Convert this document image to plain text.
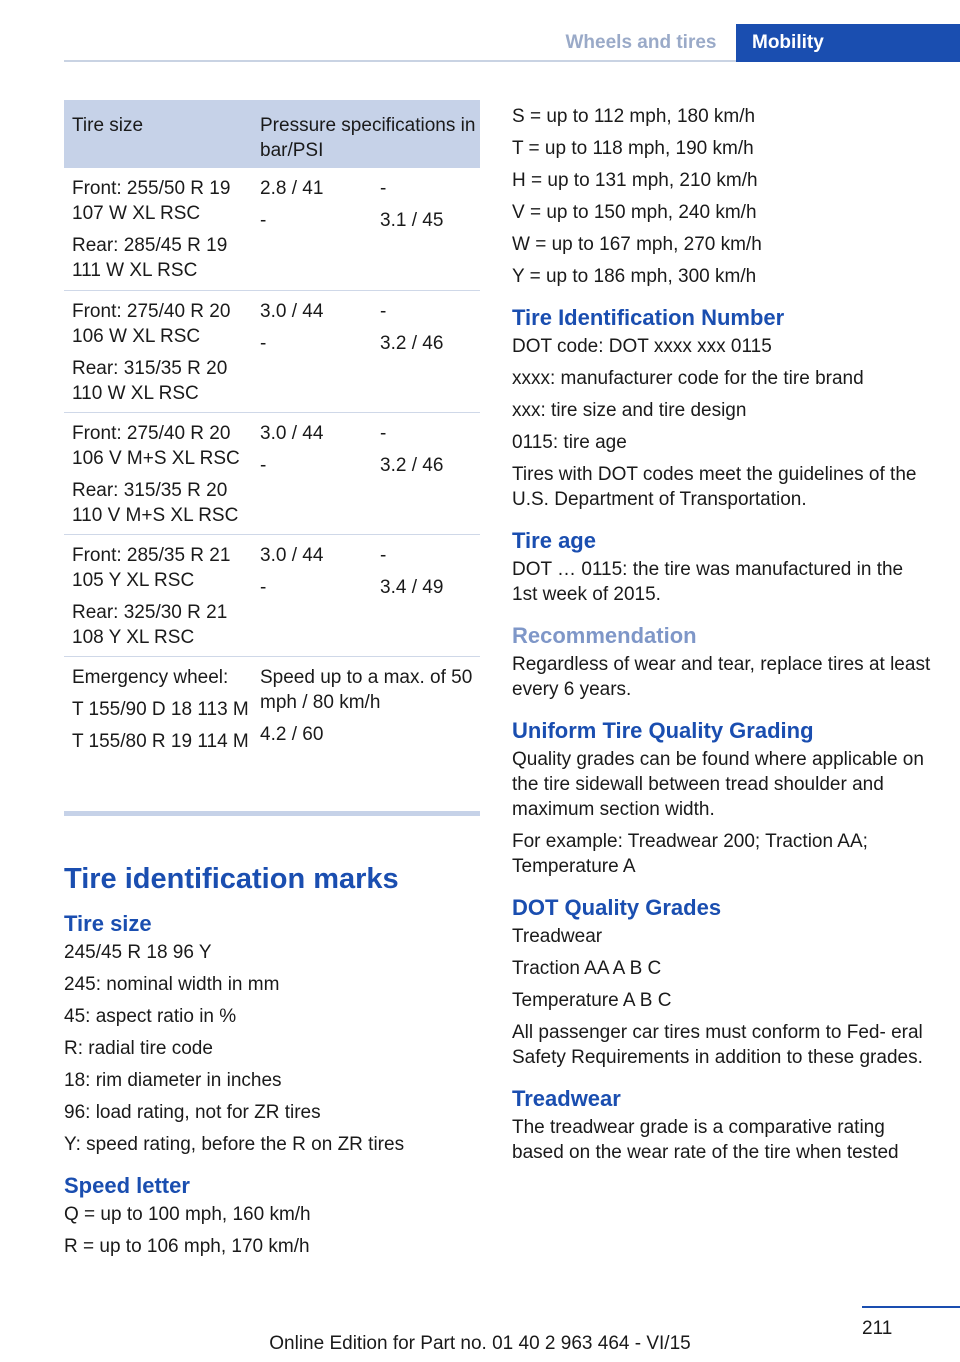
Wheels and tires	Mobility
Tire size	Pressure specifications in bar/PSI

Front: 255/50 R 19 107 W XL RSC

Rear: 285/45 R 19 111 W XL RSC

2.8 / 41

-

-

3.1 / 45

Front: 275/40 R 20 106 W XL RSC

Rear: 315/35 R 20 110 W XL RSC

3.0 / 44

-

-

3.2 / 46

Front: 275/40 R 20 106 V M+S XL RSC

Rear: 315/35 R 20 110 V M+S XL RSC

3.0 / 44

-

-

3.2 / 46

Front: 285/35 R 21 105 Y XL RSC

Rear: 325/30 R 21 108 Y XL RSC

3.0 / 44

-

-

3.4 / 49

Emergency wheel:

T 155/90 D 18 113 M

T 155/80 R 19 114 M

Speed up to a max. of 50 mph / 80 km/h

4.2 / 60

Tire identification marks
Tire size

245/45 R 18 96 Y

245: nominal width in mm

45: aspect ratio in %

R: radial tire code

18: rim diameter in inches

96: load rating, not for ZR tires

Y: speed rating, before the R on ZR tires

Speed letter

Q = up to 100 mph, 160 km/h

R = up to 106 mph, 170 km/h

S = up to 112 mph, 180 km/h

T = up to 118 mph, 190 km/h

H = up to 131 mph, 210 km/h

V = up to 150 mph, 240 km/h

W = up to 167 mph, 270 km/h

Y = up to 186 mph, 300 km/h

Tire Identification Number

DOT code: DOT xxxx xxx 0115

xxxx: manufacturer code for the tire brand

xxx: tire size and tire design

0115: tire age

Tires with DOT codes meet the guidelines of the U.S. Department of Transportation.

Tire age

DOT … 0115: the tire was manufactured in the 1st week of 2015.

Recommendation

Regardless of wear and tear, replace tires at least every 6 years.

Uniform Tire Quality Grading

Quality grades can be found where applicable on the tire sidewall between tread shoulder and maximum section width.

For example: Treadwear 200; Traction AA; Temperature A

DOT Quality Grades

Treadwear

Traction AA A B C

Temperature A B C

All passenger car tires must conform to Fed‐ eral Safety Requirements in addition to these grades.

Treadwear

The treadwear grade is a comparative rating based on the wear rate of the tire when tested

211
Online Edition for Part no. 01 40 2 963 464 - VI/15
